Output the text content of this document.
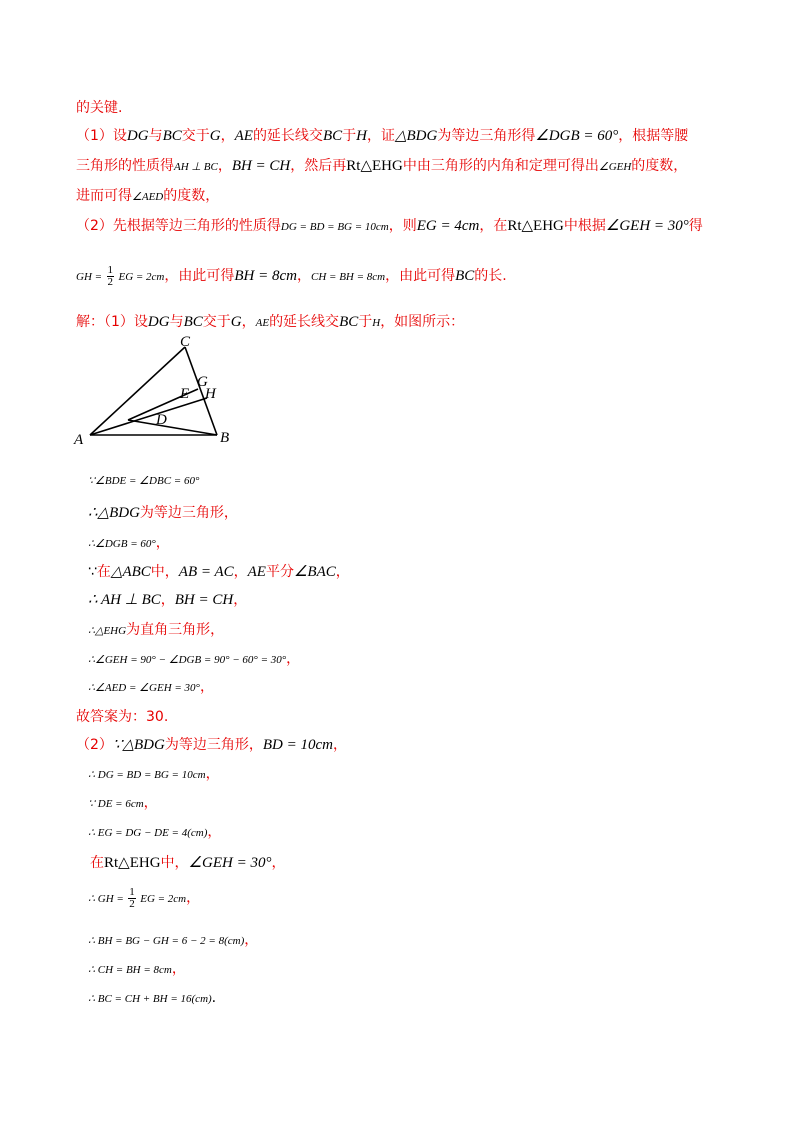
的关键.
（1）设DG与BC交于G，AE的延长线交BC于H，证△BDG为等边三角形得∠DGB = 60°，根据等腰
三角形的性质得AH ⊥ BC，BH = CH，然后再Rt△EHG中由三角形的内角和定理可得出∠GEH的度数，
进而可得∠AED的度数，
（2）先根据等边三角形的性质得DG = BD = BG = 10cm，则EG = 4cm，在Rt△EHG中根据∠GEH = 30°得
GH = $\frac{1}{2}$ EG = 2cm，由此可得BH = 8cm，CH = BH = 8cm，由此可得BC的长.
解：（1）设DG与BC交于G，AE的延长线交BC于H，如图所示：
C
G
E H
D
A	B
∵∠BDE = ∠DBC = 60°
∴△BDG为等边三角形，
∴∠DGB = 60°，
∵在△ABC中，AB = AC，AE平分∠BAC，
∴ AH ⊥ BC，BH = CH，
∴△EHG为直角三角形，
∴∠GEH = 90° − ∠DGB = 90° − 60° = 30°，
∴∠AED = ∠GEH = 30°，
故答案为：30.
（2）∵△BDG为等边三角形，BD = 10cm，
∴ DG = BD = BG = 10cm，
∵ DE = 6cm，
∴ EG = DG − DE = 4(cm)，
在Rt△EHG中，∠GEH = 30°，
∴ GH = $\frac{1}{2}$ EG = 2cm，
∴ BH = BG − GH = 6 − 2 = 8(cm)，
∴ CH = BH = 8cm，
∴ BC = CH + BH = 16(cm).
